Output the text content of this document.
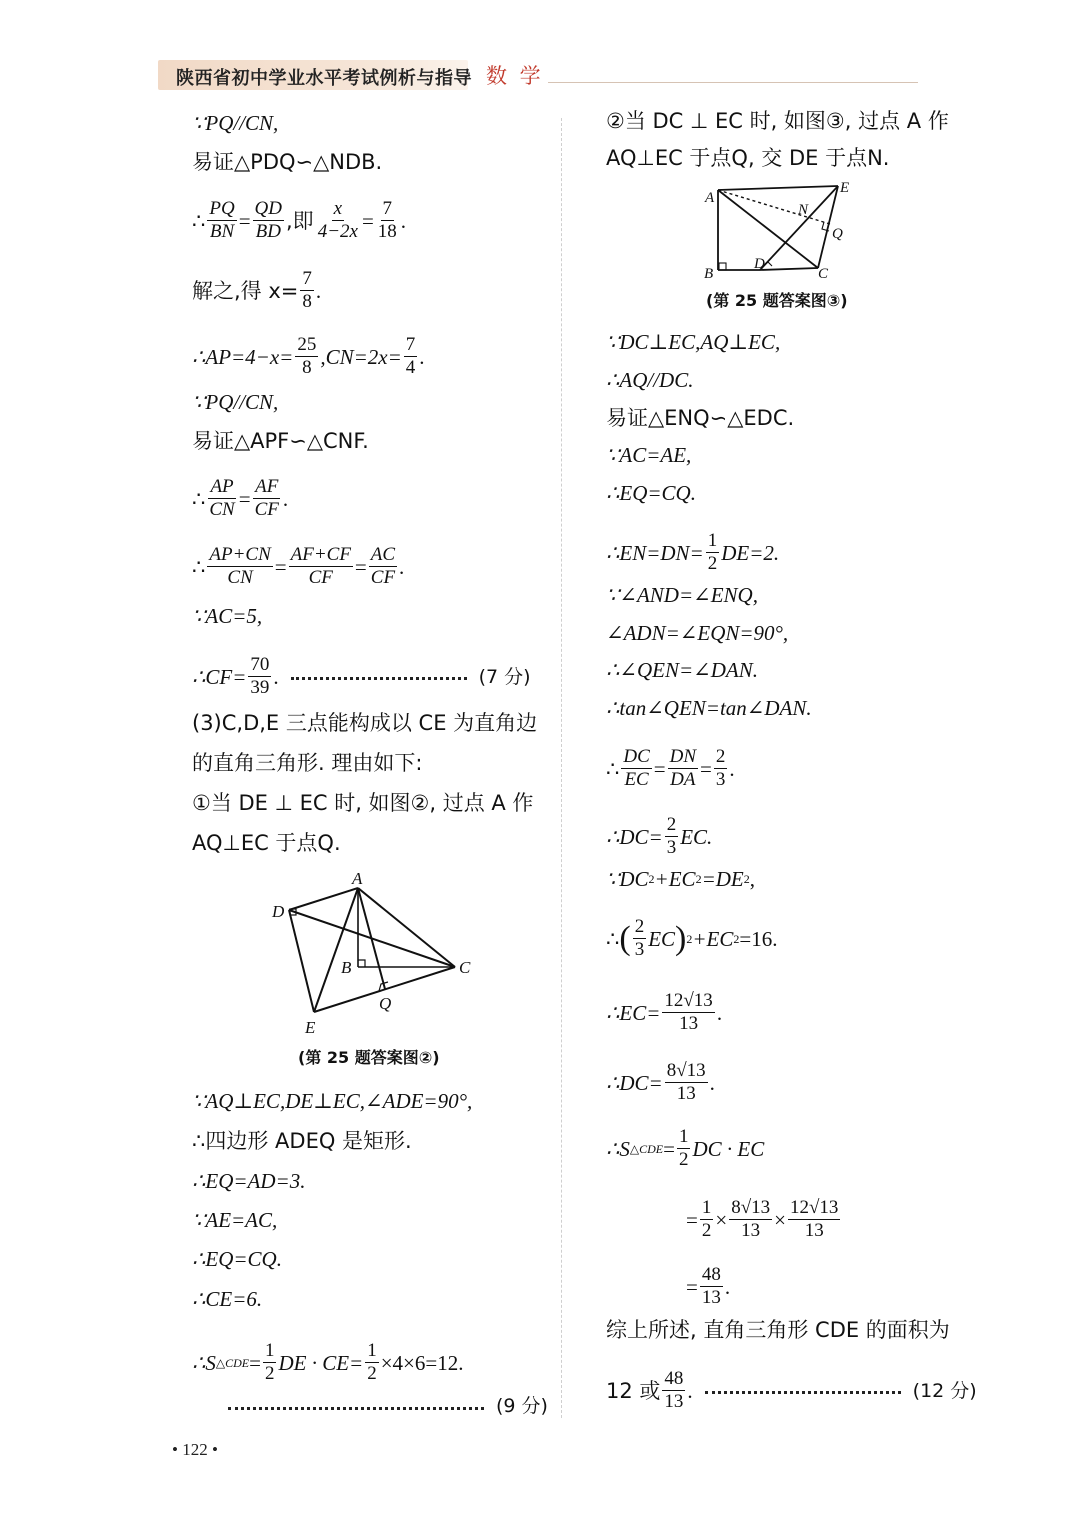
陕西省初中学业水平考试例析与指导 数 学
∵PQ//CN,
易证△PDQ∽△NDB.
∴ $\frac{PQ}{BN} = \frac{QD}{BD}$ ,即 $\frac{x}{4-2x} = \frac{7}{18}$ .
解之,得 $x= \frac{7}{8}$ .
∴AP=4−x= $\frac{25}{8} ,CN=2x= \frac{7}{4}$ .
∵PQ//CN,
易证△APF∽△CNF.
∴ $\frac{AP}{CN} = \frac{AF}{CF}$ .
∴ $\frac{AP+CN}{CN} = \frac{AF+CF}{CF} = \frac{AC}{CF}$ .
∵AC=5,
∴CF= $\frac{70}{39}$ .	(7 分)
(3)C,D,E 三点能构成以 CE 为直角边
的直角三角形. 理由如下:
①当 DE ⊥ EC 时, 如图②, 过点 A 作
AQ⊥EC 于点Q.
A
D
B	C
Q
E
(第 25 题答案图②)
∵AQ⊥EC,DE⊥EC,∠ADE=90°,
∴四边形 ADEQ 是矩形.
∴EQ=AD=3.
∵AE=AC,
∴EQ=CQ.
∴CE=6.
∴S △CDE = $\frac{1}{2}$ DE · $CE= \frac{1}{2} \times 4\times 6=12$.
(9 分)
②当 DC ⊥ EC 时, 如图③, 过点 A 作
AQ⊥EC 于点Q, 交 DE 于点N.
A
E
N
Q
B
D
C
(第 25 题答案图③)
∵DC⊥EC,AQ⊥EC,
∴AQ//DC.
易证△ENQ∽△EDC.
∵AC=AE,
∴EQ=CQ.
∴EN=DN= $\frac{1}{2} DE=2$.
∵∠AND=∠ENQ,
∠ADN=∠EQN=90°,
∴∠QEN=∠DAN.
∴tan∠QEN=tan∠DAN.
∴ $\frac{DC}{EC} = \frac{DN}{DA} = \frac{2}{3}$ .
∴DC= $\frac{2}{3}$ EC.
∵DC 2 +EC 2 =DE 2 ,
∴ ( $\frac{2}{3}$ EC ) 2 +EC 2 =16.
∴EC= $\frac{12√13}{13}$ .
∴DC= $\frac{8√13}{13}$ .
∴S △CDE = $\frac{1}{2}$ DC · EC
= $\frac{1}{2} \times \frac{8√13}{13} \times \frac{12√13}{13}$
= $\frac{48}{13}$ .
综上所述, 直角三角形 CDE 的面积为
12 或 $\frac{48}{13}$ .	(12 分)
• 122 •
